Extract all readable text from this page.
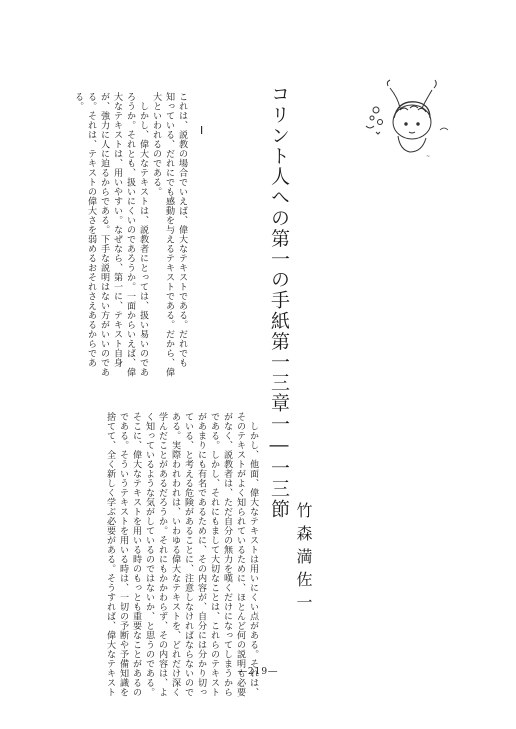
~
コリント人への第一の手紙第一三章一―一三節
竹森満佐一
I
これは、説教の場合でいえば、偉大なテキストである。だれでも
知っている、だれにでも感動を与えるテキストである。だから、偉
大といわれるのである。
　しかし、偉大なテキストは、説教者にとっては、扱い易いのであ
ろうか。それとも、扱いにくいのであろうか。一面からいえば、偉
大なテキストは、用いやすい。なぜなら、第一に、テキスト自身
が、強力に人に迫るからである。下手な説明はない方がいいのであ
る。それは、テキストの偉大さを弱めるおそれさえあるからであ
る。
　しかし、他面、偉大なテキストは用いにくい点がある。それは、
そのテキストがよく知られているために、ほとんど何の説明も必要
がなく、説教者は、ただ自分の無力を嘆くだけになってしまうから
である。しかし、それにもまして大切なことは、これらのテキスト
があまりにも有名であるために、その内容が、自分には分かり切っ
ている、と考える危険があることに、注意しなければならないので
ある。実際われわれは、いわゆる偉大なテキストを、どれだけ深く
学んだことがあるだろうか。それにもかかわらず、その内容は、よ
く知っているような気がしているのではないか、と思うのである。
そこに、偉大なテキストを用いる時のもっとも重要なことがあるの
である。そういうテキストを用いる時は、一切の予断や予備知識を
捨てて、全く新しく学ぶ必要がある。そうすれば、偉大なテキスト	―219―
